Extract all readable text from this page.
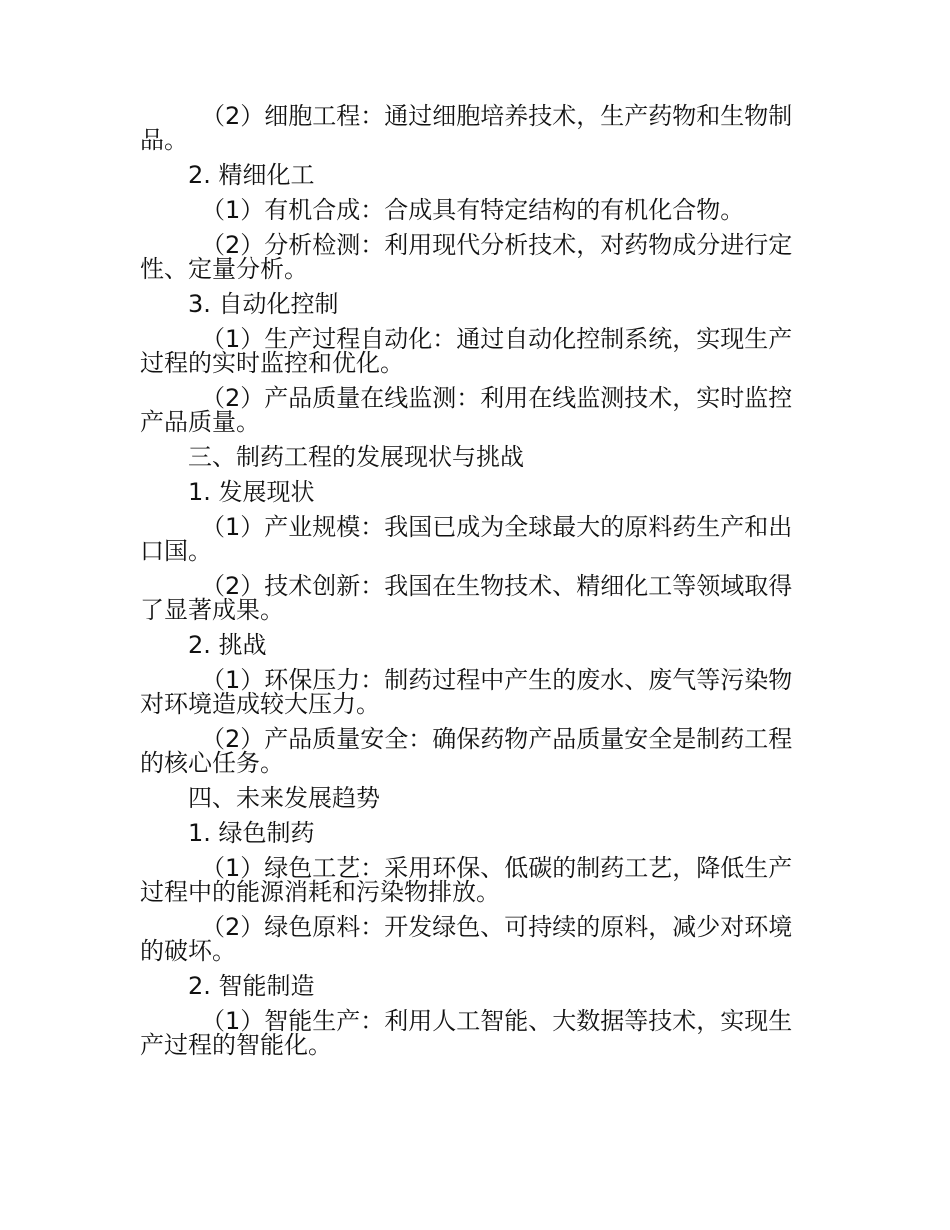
（2）细胞工程：通过细胞培养技术，生产药物和生物制品。

2. 精细化工

（1）有机合成：合成具有特定结构的有机化合物。

（2）分析检测：利用现代分析技术，对药物成分进行定性、定量分析。

3. 自动化控制

（1）生产过程自动化：通过自动化控制系统，实现生产过程的实时监控和优化。

（2）产品质量在线监测：利用在线监测技术，实时监控产品质量。

三、制药工程的发展现状与挑战

1. 发展现状

（1）产业规模：我国已成为全球最大的原料药生产和出口国。

（2）技术创新：我国在生物技术、精细化工等领域取得了显著成果。

2. 挑战

（1）环保压力：制药过程中产生的废水、废气等污染物对环境造成较大压力。

（2）产品质量安全：确保药物产品质量安全是制药工程的核心任务。

四、未来发展趋势

1. 绿色制药

（1）绿色工艺：采用环保、低碳的制药工艺，降低生产过程中的能源消耗和污染物排放。

（2）绿色原料：开发绿色、可持续的原料，减少对环境的破坏。

2. 智能制造

（1）智能生产：利用人工智能、大数据等技术，实现生产过程的智能化。
